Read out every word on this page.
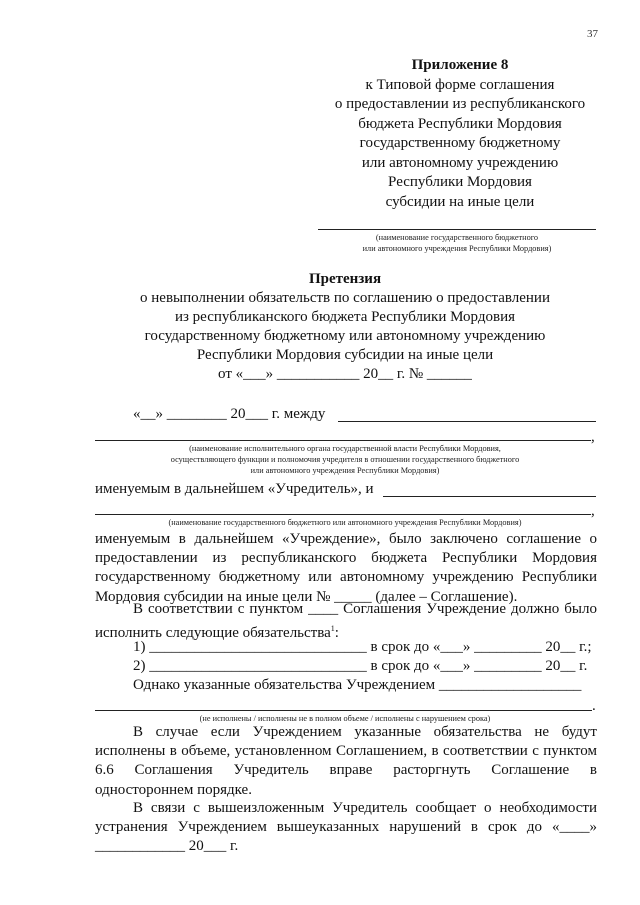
37
Приложение 8
к Типовой форме соглашения
о предоставлении из республиканского
бюджета Республики Мордовия
государственному бюджетному
или автономному учреждению
Республики Мордовия
субсидии на иные цели
(наименование государственного бюджетного
или автономного учреждения Республики Мордовия)
Претензия
о невыполнении обязательств по соглашению о предоставлении
из республиканского бюджета Республики Мордовия
государственному бюджетному или автономному учреждению
Республики Мордовия субсидии на иные цели
от «___» ___________ 20__ г. № ______
«__» ________ 20___ г. между
,
(наименование исполнительного органа государственной власти Республики Мордовия,
осуществляющего функции и полномочия учредителя в отношении государственного бюджетного
или автономного учреждения Республики Мордовия)
именуемым в дальнейшем «Учредитель», и
,
(наименование государственного бюджетного или автономного учреждения Республики Мордовия)

именуемым в дальнейшем «Учреждение», было заключено соглашение о предоставлении из республиканского бюджета Республики Мордовия государственному бюджетному или автономному учреждению Республики Мордовия субсидии на иные цели № _____ (далее – Соглашение).

В соответствии с пунктом ____ Соглашения Учреждение должно было исполнить следующие обязательства$^1$:

1) _____________________________ в срок до «___» _________ 20__ г.;
2) _____________________________ в срок до «___» _________ 20__ г.
Однако указанные обязательства Учреждением ___________________
.
(не исполнены / исполнены не в полном объеме / исполнены с нарушением срока)

В случае если Учреждением указанные обязательства не будут исполнены в объеме, установленном Соглашением, в соответствии с пунктом 6.6 Соглашения Учредитель вправе расторгнуть Соглашение в одностороннем порядке.

В связи с вышеизложенным Учредитель сообщает о необходимости устранения Учреждением вышеуказанных нарушений в срок до «____»

____________ 20___ г.
